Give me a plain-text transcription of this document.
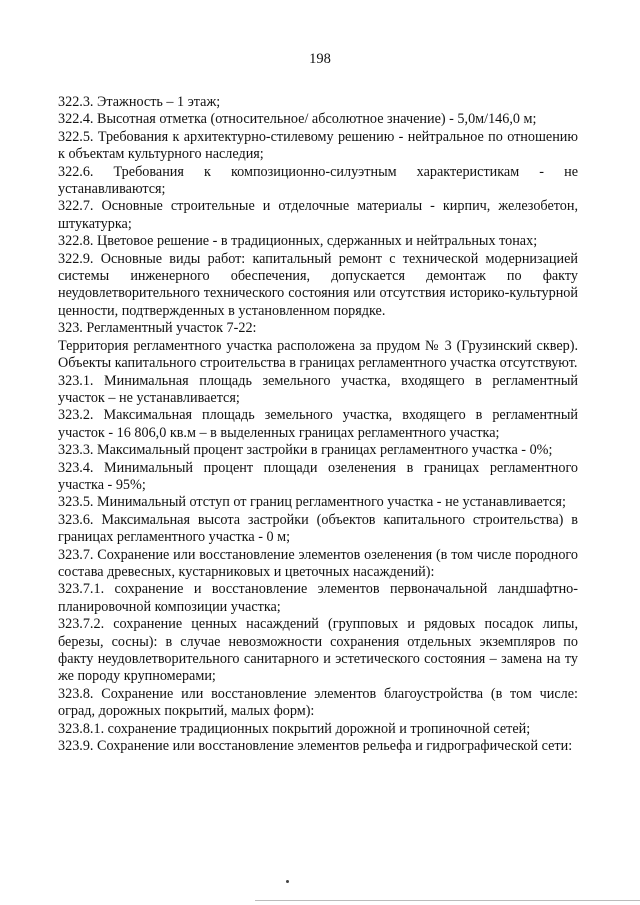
198

322.3. Этажность – 1 этаж;

322.4. Высотная отметка (относительное/ абсолютное значение) - 5,0м/146,0 м;

322.5. Требования к архитектурно-стилевому решению - нейтральное по отношению к объектам культурного наследия;

322.6. Требования к композиционно-силуэтным характеристикам - не устанавливаются;

322.7. Основные строительные и отделочные материалы - кирпич, железобетон, штукатурка;

322.8. Цветовое решение - в традиционных, сдержанных и нейтральных тонах;

322.9. Основные виды работ: капитальный ремонт с технической модернизацией системы инженерного обеспечения, допускается демонтаж по факту неудовлетворительного технического состояния или отсутствия историко-культурной ценности, подтвержденных в установленном порядке.

323. Регламентный участок 7-22:

Территория регламентного участка расположена за прудом № 3 (Грузинский сквер). Объекты капитального строительства в границах регламентного участка отсутствуют.

323.1. Минимальная площадь земельного участка, входящего в регламентный участок – не устанавливается;

323.2. Максимальная площадь земельного участка, входящего в регламентный участок - 16 806,0 кв.м – в выделенных границах регламентного участка;

323.3. Максимальный процент застройки в границах регламентного участка - 0%;

323.4. Минимальный процент площади озеленения в границах регламентного участка - 95%;

323.5. Минимальный отступ от границ регламентного участка - не устанавливается;

323.6. Максимальная высота застройки (объектов капитального строительства) в границах регламентного участка - 0 м;

323.7. Сохранение или восстановление элементов озеленения (в том числе породного состава древесных, кустарниковых и цветочных насаждений):

323.7.1. сохранение и восстановление элементов первоначальной ландшафтно-планировочной композиции участка;

323.7.2. сохранение ценных насаждений (групповых и рядовых посадок липы, березы, сосны): в случае невозможности сохранения отдельных экземпляров по факту неудовлетворительного санитарного и эстетического состояния – замена на ту же породу крупномерами;

323.8. Сохранение или восстановление элементов благоустройства (в том числе: оград, дорожных покрытий, малых форм):

323.8.1. сохранение традиционных покрытий дорожной и тропиночной сетей;

323.9. Сохранение или восстановление элементов рельефа и гидрографической сети:
